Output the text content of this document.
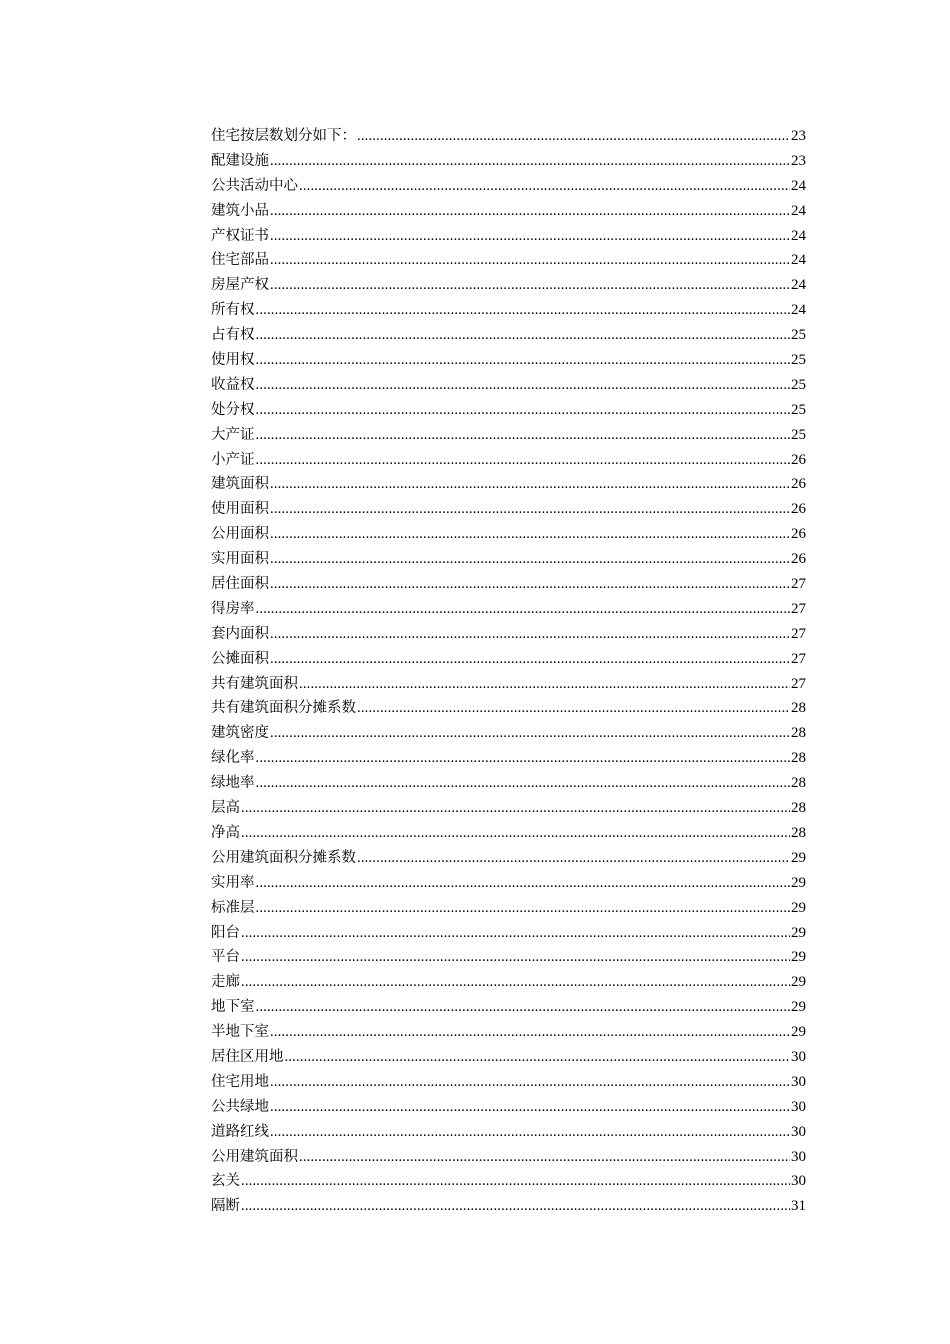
住宅按层数划分如下： .....	23
配建设施 .....	23
公共活动中心 .....	24
建筑小品 .....	24
产权证书 .....	24
住宅部品 .....	24
房屋产权 .....	24
所有权 .....	24
占有权 .....	25
使用权 .....	25
收益权 .....	25
处分权 .....	25
大产证 .....	25
小产证 .....	26
建筑面积 .....	26
使用面积 .....	26
公用面积 .....	26
实用面积 .....	26
居住面积 .....	27
得房率 .....	27
套内面积 .....	27
公摊面积 .....	27
共有建筑面积 .....	27
共有建筑面积分摊系数 .....	28
建筑密度 .....	28
绿化率 .....	28
绿地率 .....	28
层高 .....	28
净高 .....	28
公用建筑面积分摊系数 .....	29
实用率 .....	29
标准层 .....	29
阳台 .....	29
平台 .....	29
走廊 .....	29
地下室 .....	29
半地下室 .....	29
居住区用地 .....	30
住宅用地 .....	30
公共绿地 .....	30
道路红线 .....	30
公用建筑面积 .....	30
玄关 .....	30
隔断 .....	31
